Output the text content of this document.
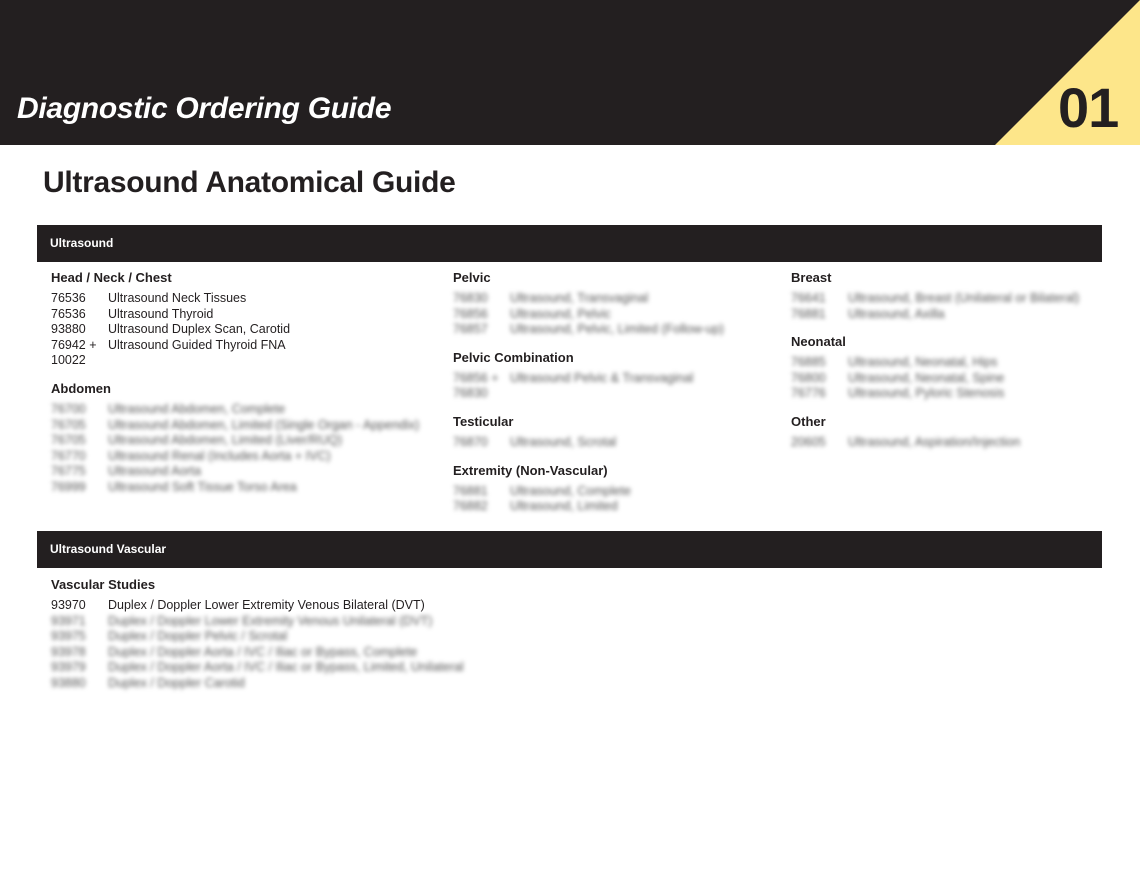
Diagnostic Ordering Guide	01
Ultrasound Anatomical Guide
Ultrasound
Head / Neck / Chest
76536	Ultrasound Neck Tissues
76536	Ultrasound Thyroid
93880	Ultrasound Duplex Scan, Carotid
76942 + Ultrasound Guided Thyroid FNA
10022
Abdomen
76700	Ultrasound Abdomen, Complete
76705	Ultrasound Abdomen, Limited (Single Organ - Appendix)
76705	Ultrasound Abdomen, Limited (Liver/RUQ)
76770	Ultrasound Renal (Includes Aorta + IVC)
76775	Ultrasound Aorta
76999	Ultrasound Soft Tissue Torso Area
Pelvic
76830	Ultrasound, Transvaginal
76856	Ultrasound, Pelvic
76857	Ultrasound, Pelvic, Limited (Follow-up)
Pelvic Combination
76856 + Ultrasound Pelvic & Transvaginal
76830
Testicular
76870	Ultrasound, Scrotal
Extremity (Non-Vascular)
76881	Ultrasound, Complete
76882	Ultrasound, Limited
Breast
76641	Ultrasound, Breast (Unilateral or Bilateral)
76881	Ultrasound, Axilla
Neonatal
76885	Ultrasound, Neonatal, Hips
76800	Ultrasound, Neonatal, Spine
76776	Ultrasound, Pyloric Stenosis
Other
20605	Ultrasound, Aspiration/Injection
Ultrasound Vascular
Vascular Studies
93970	Duplex / Doppler Lower Extremity Venous Bilateral (DVT)
93971	Duplex / Doppler Lower Extremity Venous Unilateral (DVT)
93975	Duplex / Doppler Pelvic / Scrotal
93978	Duplex / Doppler Aorta / IVC / Iliac or Bypass, Complete
93979	Duplex / Doppler Aorta / IVC / Iliac or Bypass, Limited, Unilateral
93880	Duplex / Doppler Carotid
